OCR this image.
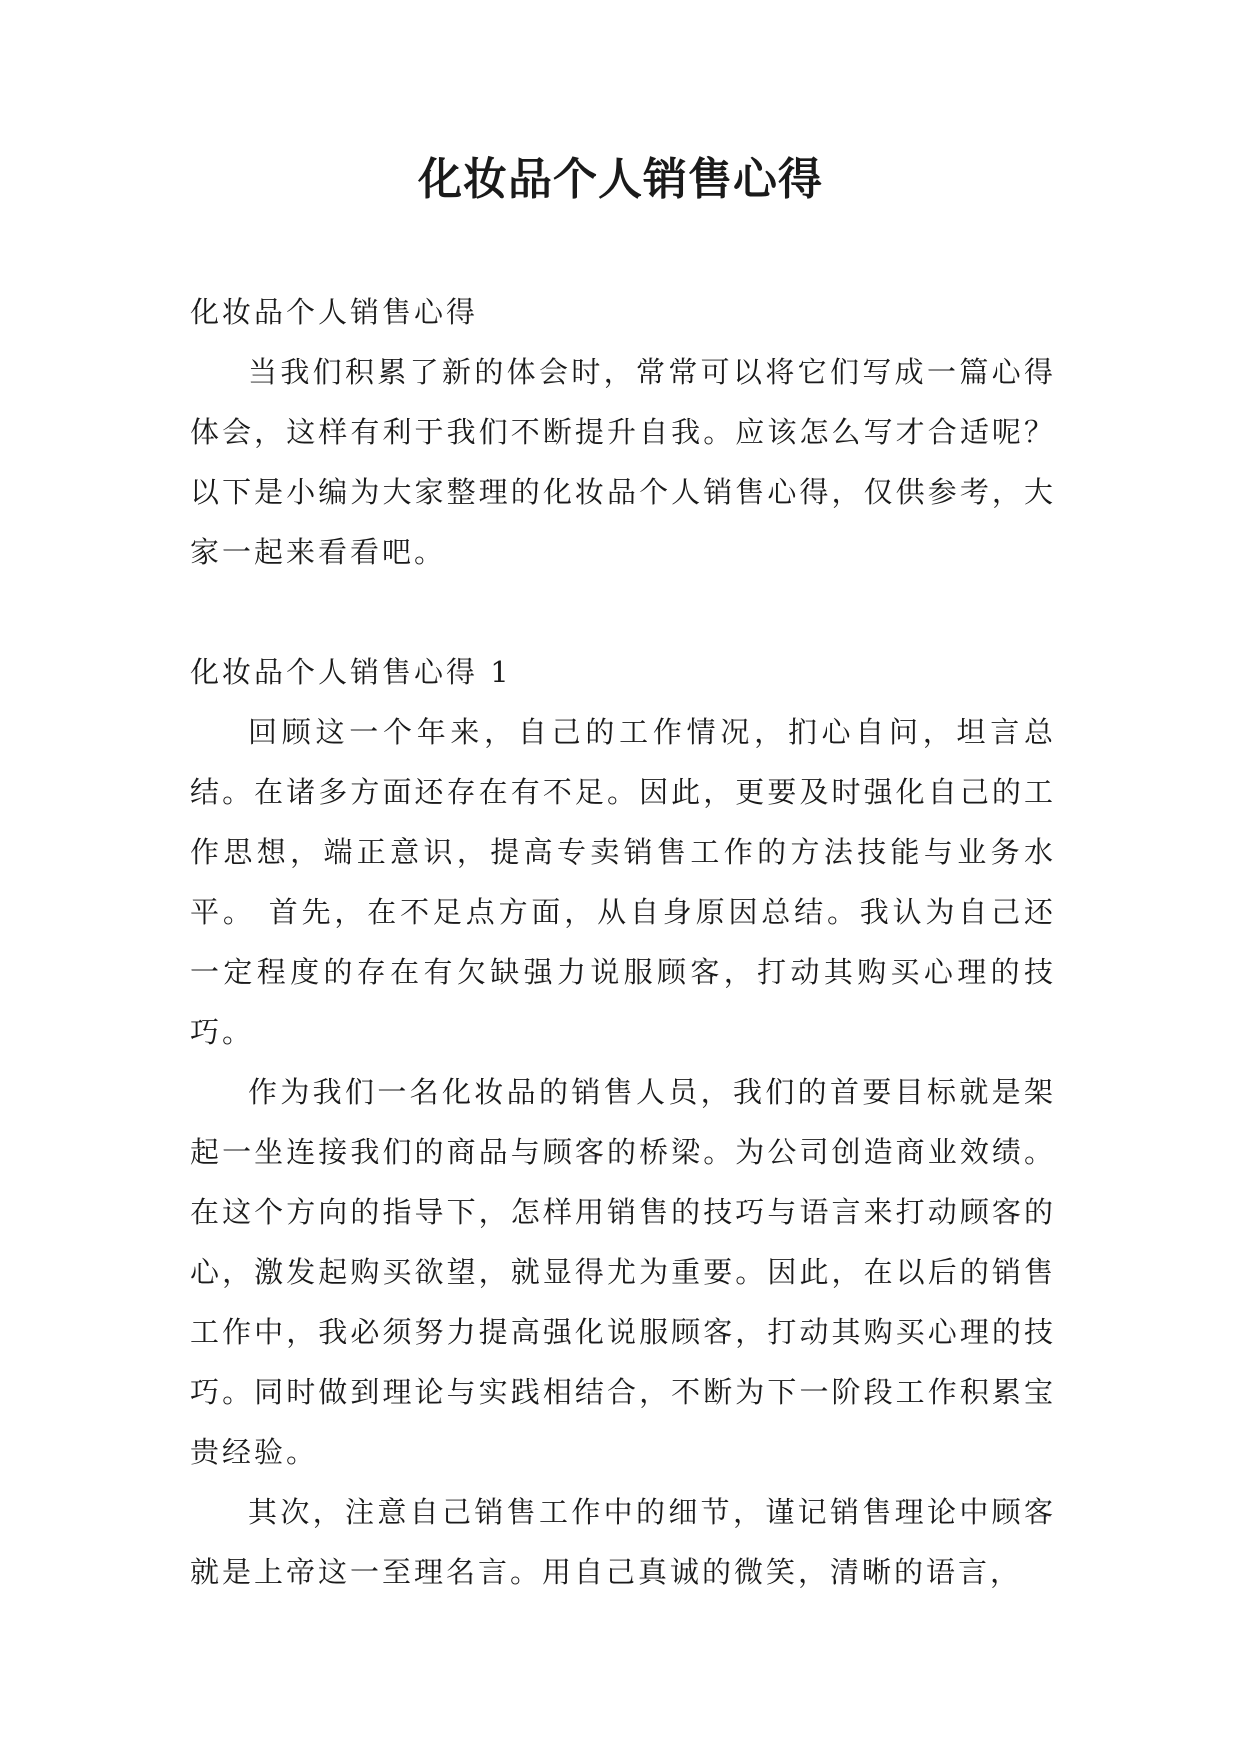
化妆品个人销售心得

化妆品个人销售心得

当我们积累了新的体会时，常常可以将它们写成一篇心得体会，这样有利于我们不断提升自我。应该怎么写才合适呢？以下是小编为大家整理的化妆品个人销售心得，仅供参考，大家一起来看看吧。

化妆品个人销售心得 1

回顾这一个年来，自己的工作情况，扪心自问，坦言总结。在诸多方面还存在有不足。因此，更要及时强化自己的工作思想，端正意识，提高专卖销售工作的方法技能与业务水平。 首先，在不足点方面，从自身原因总结。我认为自己还一定程度的存在有欠缺强力说服顾客，打动其购买心理的技巧。

作为我们一名化妆品的销售人员，我们的首要目标就是架起一坐连接我们的商品与顾客的桥梁。为公司创造商业效绩。在这个方向的指导下，怎样用销售的技巧与语言来打动顾客的心，激发起购买欲望，就显得尤为重要。因此，在以后的销售工作中，我必须努力提高强化说服顾客，打动其购买心理的技巧。同时做到理论与实践相结合，不断为下一阶段工作积累宝贵经验。

其次，注意自己销售工作中的细节，谨记销售理论中顾客就是上帝这一至理名言。用自己真诚的微笑，清晰的语言，
